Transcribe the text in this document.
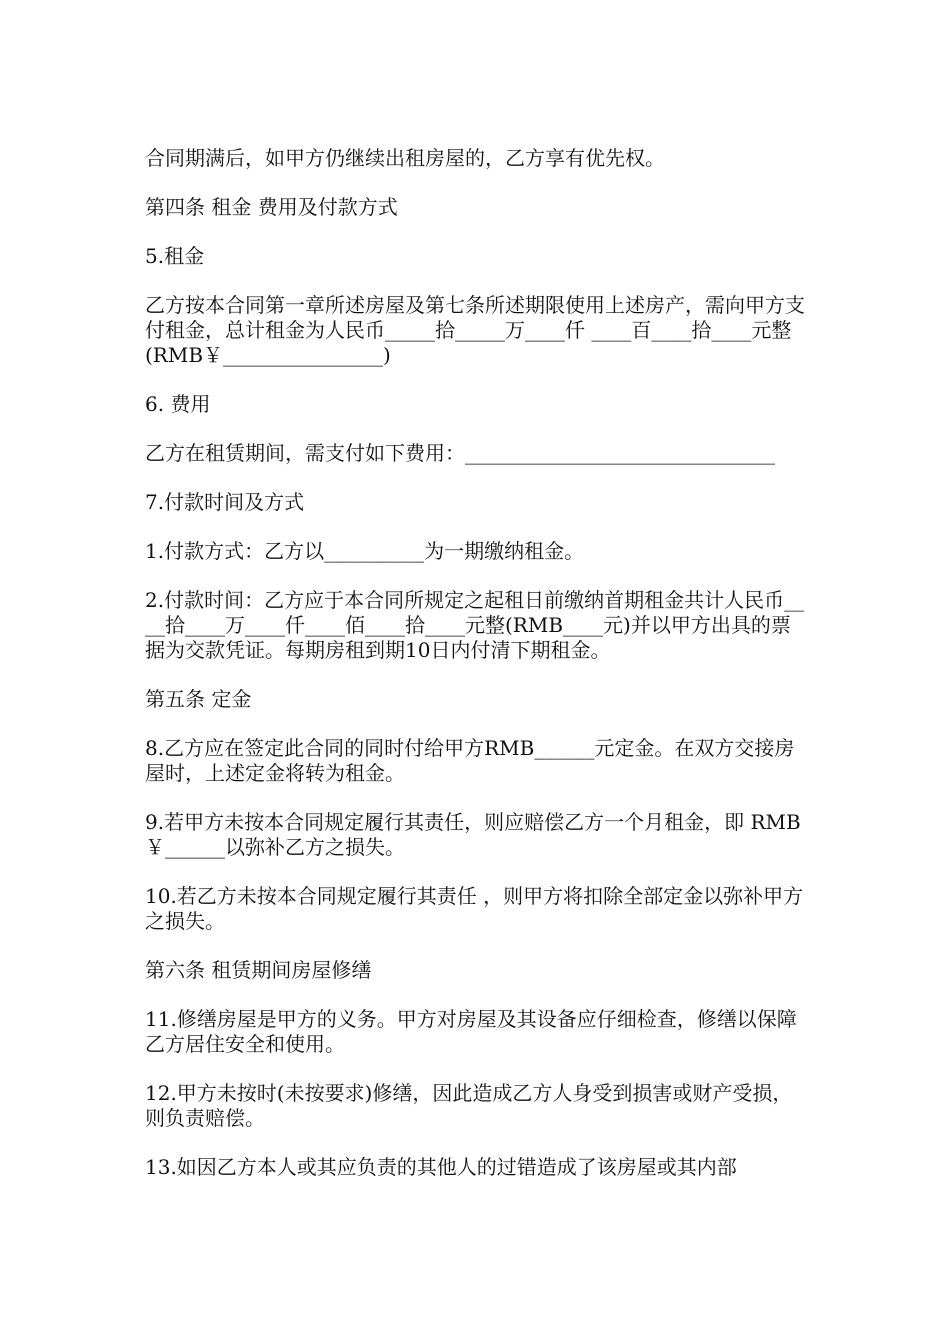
合同期满后，如甲方仍继续出租房屋的，乙方享有优先权。

第四条 租金 费用及付款方式

5.租金

乙方按本合同第一章所述房屋及第七条所述期限使用上述房产，需向甲方支付租金，总计租金为人民币_____拾_____万____仟 ____百____拾____元整(RMB￥________________)

6. 费用

乙方在租赁期间，需支付如下费用：_______________________________

7.付款时间及方式

1.付款方式：乙方以__________为一期缴纳租金。

2.付款时间：乙方应于本合同所规定之起租日前缴纳首期租金共计人民币____拾____万____仟____佰____拾____元整(RMB____元)并以甲方出具的票据为交款凭证。每期房租到期10日内付清下期租金。

第五条 定金

8.乙方应在签定此合同的同时付给甲方RMB______元定金。在双方交接房屋时，上述定金将转为租金。

9.若甲方未按本合同规定履行其责任，则应赔偿乙方一个月租金，即 RMB￥______以弥补乙方之损失。

10.若乙方未按本合同规定履行其责任 ，则甲方将扣除全部定金以弥补甲方之损失。

第六条 租赁期间房屋修缮

11.修缮房屋是甲方的义务。甲方对房屋及其设备应仔细检查，修缮以保障乙方居住安全和使用。

12.甲方未按时(未按要求)修缮，因此造成乙方人身受到损害或财产受损，则负责赔偿。

13.如因乙方本人或其应负责的其他人的过错造成了该房屋或其内部
